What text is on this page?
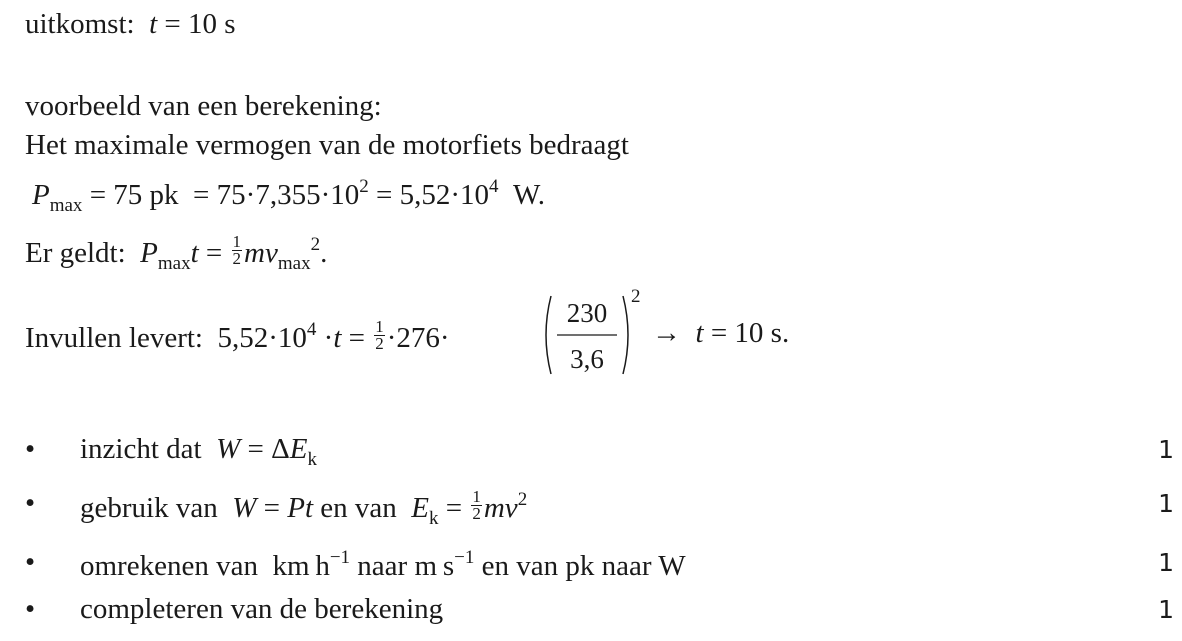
uitkomst:  t = 10 s
voorbeeld van een berekening:
Het maximale vermogen van de motorfiets bedraagt
$P_{max} = 75$ pk  = $75\cdot 7,355\cdot 10^2 = 5,52\cdot 10^4$ W.
Er geldt: $P_{max}t = \frac{1}{2} mv_{max}^2$.
Invullen levert: $5,52\cdot 10^4 \cdot t = \frac{1}{2} \cdot 276\cdot$
230
3,6
2
→  t = 10 s.
• inzicht dat $W = \Delta E_k$	1
• gebruik van W = Pt en van $E_k = \frac{1}{2} mv^2$	1
• omrekenen van  km $h^{-1}$ naar m $s^{-1}$ en van pk naar W	1
• completeren van de berekening	1
